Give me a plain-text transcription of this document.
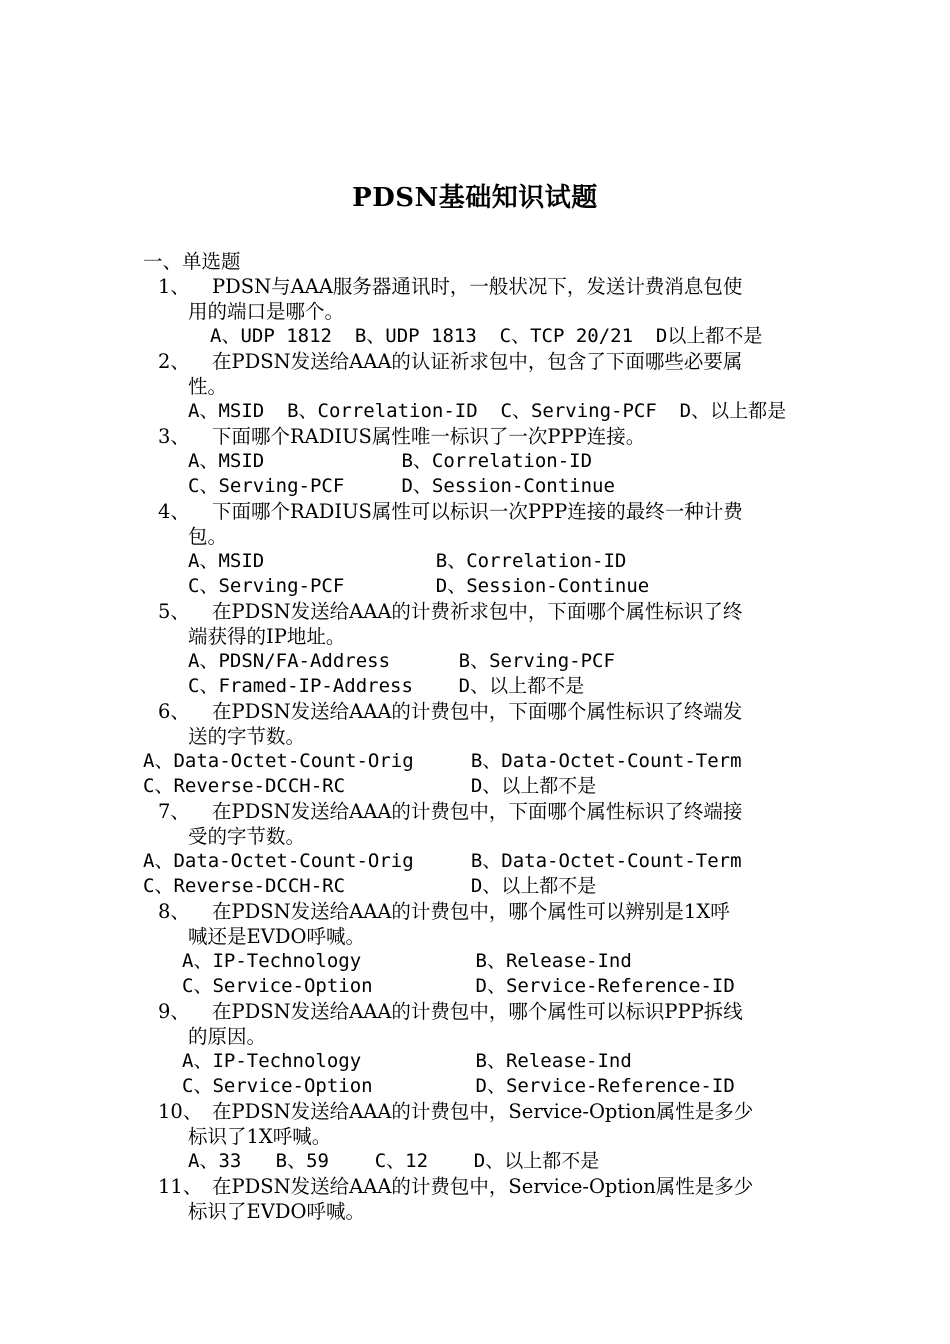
PDSN基础知识试题
一、单选题
1、 PDSN与AAA服务器通讯时，一般状况下，发送计费消息包使
用的端口是哪个。
A、UDP 1812  B、UDP 1813  C、TCP 20/21  D以上都不是
2、 在PDSN发送给AAA的认证祈求包中，包含了下面哪些必要属
性。
A、MSID  B、Correlation-ID  C、Serving-PCF  D、以上都是
3、 下面哪个RADIUS属性唯一标识了一次PPP连接。
A、MSID            B、Correlation-ID
C、Serving-PCF     D、Session-Continue
4、 下面哪个RADIUS属性可以标识一次PPP连接的最终一种计费
包。
A、MSID               B、Correlation-ID
C、Serving-PCF        D、Session-Continue
5、 在PDSN发送给AAA的计费祈求包中，下面哪个属性标识了终
端获得的IP地址。
A、PDSN/FA-Address      B、Serving-PCF
C、Framed-IP-Address    D、以上都不是
6、 在PDSN发送给AAA的计费包中，下面哪个属性标识了终端发
送的字节数。
A、Data-Octet-Count-Orig     B、Data-Octet-Count-Term
C、Reverse-DCCH-RC           D、以上都不是
7、 在PDSN发送给AAA的计费包中，下面哪个属性标识了终端接
受的字节数。
A、Data-Octet-Count-Orig     B、Data-Octet-Count-Term
C、Reverse-DCCH-RC           D、以上都不是
8、 在PDSN发送给AAA的计费包中，哪个属性可以辨别是1X呼
喊还是EVDO呼喊。
A、IP-Technology          B、Release-Ind
C、Service-Option         D、Service-Reference-ID
9、 在PDSN发送给AAA的计费包中，哪个属性可以标识PPP拆线
的原因。
A、IP-Technology          B、Release-Ind
C、Service-Option         D、Service-Reference-ID
10、 在PDSN发送给AAA的计费包中，Service-Option属性是多少
标识了1X呼喊。
A、33   B、59    C、12    D、以上都不是
11、 在PDSN发送给AAA的计费包中，Service-Option属性是多少
标识了EVDO呼喊。
